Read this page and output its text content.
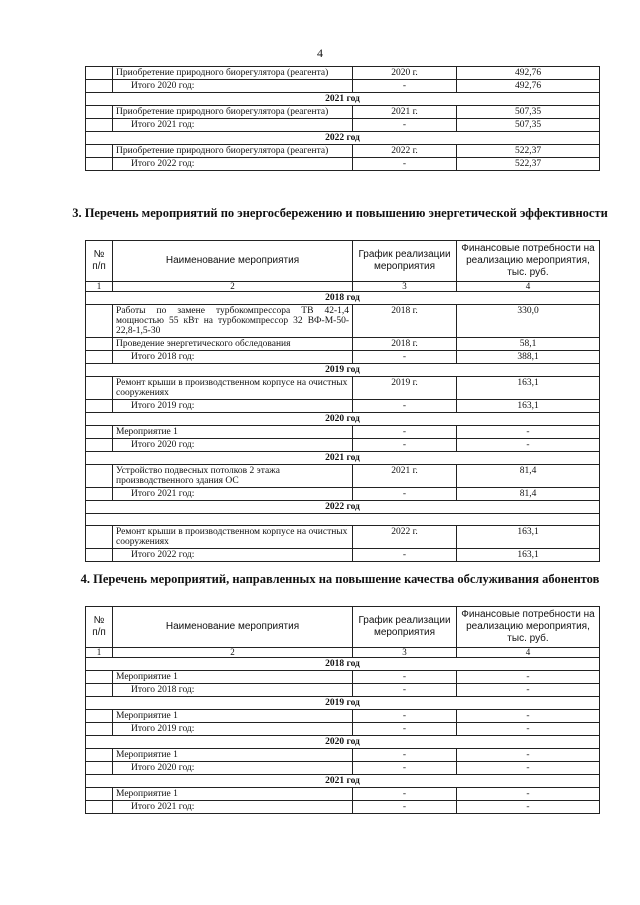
4
	Приобретение природного биорегулятора (реагента)	2020 г.	492,76
	Итого 2020 год:	-	492,76
2021 год			
	Приобретение природного биорегулятора (реагента)	2021 г.	507,35
	Итого 2021 год:	-	507,35
2022 год			
	Приобретение природного биорегулятора (реагента)	2022 г.	522,37
	Итого 2022 год:	-	522,37
3. Перечень мероприятий по энергосбережению и повышению энергетической эффективности
№ п/п	Наименование мероприятия	График реализации мероприятия	Финансовые потребности на реализацию мероприятия, тыс. руб.
1	2	3	4
2018 год			
	Работы по замене турбокомпрессора ТВ 42-1,4 мощностью 55 кВт на турбокомпрессор 32 ВФ-М-50-22,8-1,5-30	2018 г.	330,0
	Проведение энергетического обследования	2018 г.	58,1
	Итого 2018 год:	-	388,1
2019 год			
	Ремонт крыши в производственном корпусе на очистных сооружениях	2019 г.	163,1
	Итого 2019 год:	-	163,1
2020 год			
	Мероприятие 1	-	-
	Итого 2020 год:	-	-
2021 год			
	Устройство подвесных потолков 2 этажа производственного здания ОС	2021 г.	81,4
	Итого 2021 год:	-	81,4
2022 год			

	Ремонт крыши в производственном корпусе на очистных сооружениях	2022 г.	163,1
	Итого 2022 год:	-	163,1
4. Перечень мероприятий, направленных на повышение качества обслуживания абонентов
№ п/п	Наименование мероприятия	График реализации мероприятия	Финансовые потребности на реализацию мероприятия, тыс. руб.
1	2	3	4
2018 год			
	Мероприятие 1	-	-
	Итого 2018 год:	-	-
2019 год			
	Мероприятие 1	-	-
	Итого 2019 год:	-	-
2020 год			
	Мероприятие 1	-	-
	Итого 2020 год:	-	-
2021 год			
	Мероприятие 1	-	-
	Итого 2021 год:	-	-
